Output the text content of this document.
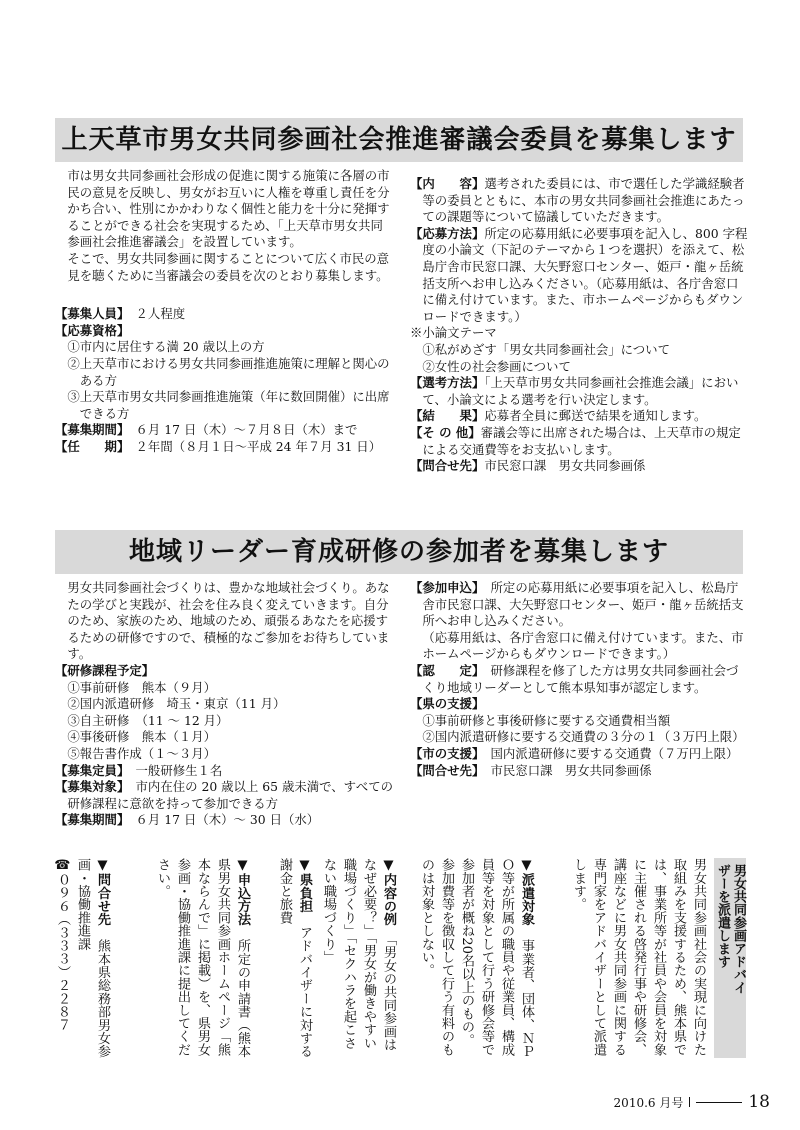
上天草市男女共同参画社会推進審議会委員を募集します

市は男女共同参画社会形成の促進に関する施策に各層の市民の意見を反映し、男女がお互いに人権を尊重し責任を分かち合い、性別にかかわりなく個性と能力を十分に発揮することができる社会を実現するため、「上天草市男女共同参画社会推進審議会」を設置しています。

そこで、男女共同参画に関することについて広く市民の意見を聴くために当審議会の委員を次のとおり募集します。

【募集人員】　 ２人程度

【応募資格】

①市内に居住する満 20 歳以上の方

②上天草市における男女共同参画推進施策に理解と関心のある方

③上天草市男女共同参画推進施策（年に数回開催）に出席できる方

【募集期間】　 ６月 17 日（木）～７月８日（木）まで

【任　　期】　 ２年間（８月１日～平成 24 年７月 31 日）

【内　　容】選考された委員には、市で選任した学識経験者等の委員とともに、本市の男女共同参画社会推進にあたっての課題等について協議していただきます。

【応募方法】所定の応募用紙に必要事項を記入し、800 字程度の小論文（下記のテーマから１つを選択）を添えて、松島庁舎市民窓口課、大矢野窓口センター、姫戸・龍ヶ岳統括支所へお申し込みください。（応募用紙は、各庁舎窓口に備え付けています。また、市ホームページからもダウンロードできます。）

※小論文テーマ

①私がめざす「男女共同参画社会」について

②女性の社会参画について

【選考方法】「上天草市男女共同参画社会推進会議」において、小論文による選考を行い決定します。

【結　　果】応募者全員に郵送で結果を通知します。

【そ の 他】審議会等に出席された場合は、上天草市の規定による交通費等をお支払いします。

【問合せ先】市民窓口課　男女共同参画係

地域リーダー育成研修の参加者を募集します

男女共同参画社会づくりは、豊かな地域社会づくり。あなたの学びと実践が、社会を住み良く変えていきます。自分のため、家族のため、地域のため、頑張るあなたを応援するための研修ですので、積極的なご参加をお待ちしています。

【研修課程予定】

①事前研修　熊本（９月）

②国内派遣研修　埼玉・東京（11 月）

③自主研修　（11 ～ 12 月）

④事後研修　熊本（１月）

⑤報告書作成（１～３月）

【募集定員】　 一般研修生１名

【募集対象】　 市内在住の 20 歳以上 65 歳未満で、すべての研修課程に意欲を持って参加できる方

【募集期間】　 ６月 17 日（木）～ 30 日（水）

【参加申込】　 所定の応募用紙に必要事項を記入し、松島庁舎市民窓口課、大矢野窓口センター、姫戸・龍ヶ岳統括支所へお申し込みください。

（応募用紙は、各庁舎窓口に備え付けています。また、市ホームページからもダウンロードできます。）

【認　　定】　 研修課程を修了した方は男女共同参画社会づくり地域リーダーとして熊本県知事が認定します。

【県の支援】

①事前研修と事後研修に要する交通費相当額

②国内派遣研修に要する交通費の３分の１（３万円上限）

【市の支援】　 国内派遣研修に要する交通費（７万円上限）

【問合せ先】　 市民窓口課　男女共同参画係

男女共同参画アドバイ
ザーを派遣します
男女共同参画社会の実現に向けた取組みを支援するため、熊本県では、事業所等が社員や会員を対象に主催される啓発行事や研修会、講座などに男女共同参画に関する専門家をアドバイザーとして派遣します。
▼派遣対象　事業者、団体、ＮＰＯ等が所属の職員や従業員、構成員等を対象として行う研修会等で参加者が概ね20名以上のもの。参加費等を徴収して行う有料のものは対象としない。
▼内容の例　「男女の共同参画はなぜ必要？」「男女が働きやすい職場づくり」「セクハラを起こさない職場づくり」
▼県負担　アドバイザーに対する謝金と旅費
▼申込方法　所定の申請書（熊本県男女共同参画ホームページ「熊本ならんで」に掲載）を、県男女参画・協働推進課に提出してください。
▼問合せ先　熊本県総務部男女参画・協働推進課
☎０９６（３３３）２２８７
2010.6 月号	18
